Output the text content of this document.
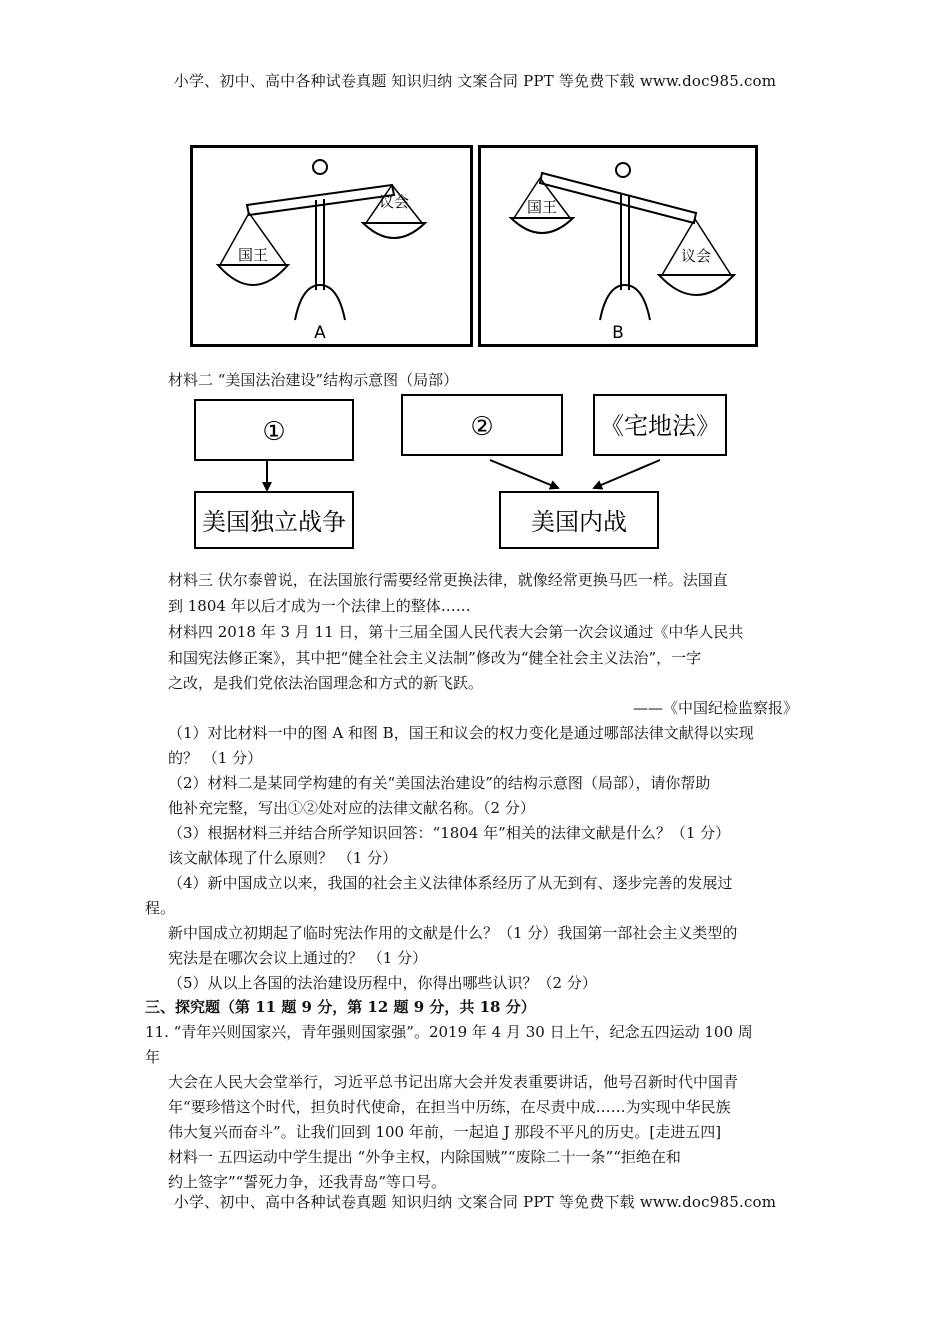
小学、初中、高中各种试卷真题 知识归纳 文案合同 PPT 等免费下载 www.doc985.com
国王
议会
A
国王
议会
B
材料二 “美国法治建设”结构示意图（局部）
①	②	《宅地法》
美国独立战争	美国内战
材料三 伏尔泰曾说，在法国旅行需要经常更换法律，就像经常更换马匹一样。法国直
到 1804 年以后才成为一个法律上的整体……
材料四 2018 年 3 月 11 日，第十三届全国人民代表大会第一次会议通过《中华人民共
和国宪法修正案》，其中把“健全社会主义法制”修改为“健全社会主义法治”，一字
之改，是我们党依法治国理念和方式的新飞跃。
——《中国纪检监察报》
（1）对比材料一中的图 A 和图 B，国王和议会的权力变化是通过哪部法律文献得以实现
的？ （1 分）
（2）材料二是某同学构建的有关“美国法治建设”的结构示意图（局部），请你帮助
他补充完整，写出①②处对应的法律文献名称。（2 分）
（3）根据材料三并结合所学知识回答：“1804 年”相关的法律文献是什么？（1 分）
该文献体现了什么原则？ （1 分）
（4）新中国成立以来，我国的社会主义法律体系经历了从无到有、逐步完善的发展过
程。
新中国成立初期起了临时宪法作用的文献是什么？（1 分）我国第一部社会主义类型的
宪法是在哪次会议上通过的？ （1 分）
（5）从以上各国的法治建设历程中，你得出哪些认识？（2 分）
三、探究题（第 11 题 9 分，第 12 题 9 分，共 18 分）
11. “青年兴则国家兴，青年强则国家强”。2019 年 4 月 30 日上午，纪念五四运动 100 周
年
大会在人民大会堂举行，习近平总书记出席大会并发表重要讲话，他号召新时代中国青
年“要珍惜这个时代，担负时代使命，在担当中历练，在尽责中成……为实现中华民族
伟大复兴而奋斗”。让我们回到 100 年前，一起追 J 那段不平凡的历史。[走进五四]
材料一 五四运动中学生提出 “外争主权，内除国贼”“废除二十一条”“拒绝在和
约上签字”“誓死力争，还我青岛”等口号。
小学、初中、高中各种试卷真题 知识归纳 文案合同 PPT 等免费下载 www.doc985.com
